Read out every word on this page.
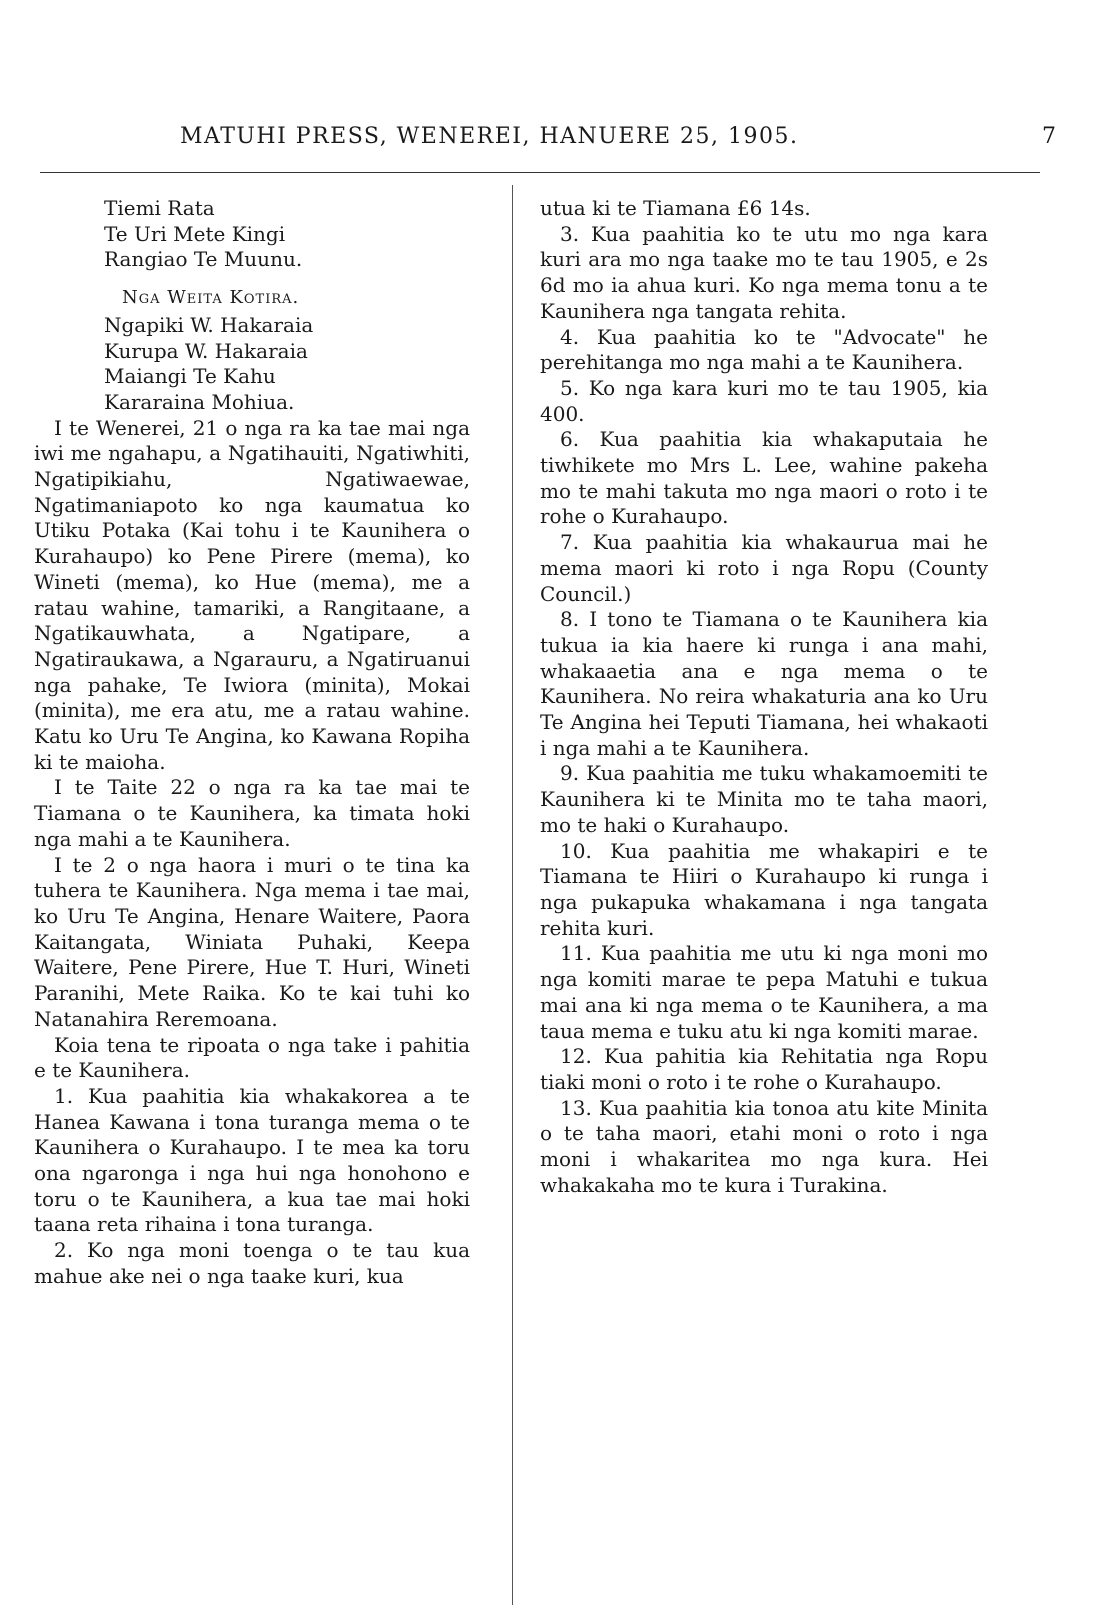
MATUHI PRESS, WENEREI, HANUERE 25, 1905.	7

Tiemi Rata

Te Uri Mete Kingi

Rangiao Te Muunu.

Nga Weita Kotira.

Ngapiki W. Hakaraia

Kurupa W. Hakaraia

Maiangi Te Kahu

Kararaina Mohiua.

I te Wenerei, 21 o nga ra ka tae mai nga iwi me ngahapu, a Ngatihauiti, Ngatiwhiti, Ngatipikiahu, Ngatiwaewae, Ngatimaniapoto ko nga kaumatua ko Utiku Potaka (Kai tohu i te Kaunihera o Kurahaupo) ko Pene Pirere (mema), ko Wineti (mema), ko Hue (mema), me a ratau wahine, tamariki, a Rangitaane, a Ngatikauwhata, a Ngatipare, a Ngatiraukawa, a Ngarauru, a Ngatiruanui nga pahake, Te Iwiora (minita), Mokai (minita), me era atu, me a ratau wahine. Katu ko Uru Te Angina, ko Kawana Ropiha ki te maioha.

I te Taite 22 o nga ra ka tae mai te Tiamana o te Kaunihera, ka timata hoki nga mahi a te Kaunihera.

I te 2 o nga haora i muri o te tina ka tuhera te Kaunihera. Nga mema i tae mai, ko Uru Te Angina, Henare Waitere, Paora Kaitangata, Winiata Puhaki, Keepa Waitere, Pene Pirere, Hue T. Huri, Wineti Paranihi, Mete Raika. Ko te kai tuhi ko Natanahira Reremoana.

Koia tena te ripoata o nga take i pahitia e te Kaunihera.

1. Kua paahitia kia whakakorea a te Hanea Kawana i tona turanga mema o te Kaunihera o Kurahaupo. I te mea ka toru ona ngaronga i nga hui nga honohono e toru o te Kaunihera, a kua tae mai hoki taana reta rihaina i tona turanga.

2. Ko nga moni toenga o te tau kua mahue ake nei o nga taake kuri, kua

utua ki te Tiamana £6 14s.

3. Kua paahitia ko te utu mo nga kara kuri ara mo nga taake mo te tau 1905, e 2s 6d mo ia ahua kuri. Ko nga mema tonu a te Kaunihera nga tangata rehita.

4. Kua paahitia ko te "Advocate" he perehitanga mo nga mahi a te Kaunihera.

5. Ko nga kara kuri mo te tau 1905, kia 400.

6. Kua paahitia kia whakaputaia he tiwhikete mo Mrs L. Lee, wahine pakeha mo te mahi takuta mo nga maori o roto i te rohe o Kurahaupo.

7. Kua paahitia kia whakaurua mai he mema maori ki roto i nga Ropu (County Council.)

8. I tono te Tiamana o te Kaunihera kia tukua ia kia haere ki runga i ana mahi, whakaaetia ana e nga mema o te Kaunihera. No reira whakaturia ana ko Uru Te Angina hei Teputi Tiamana, hei whakaoti i nga mahi a te Kaunihera.

9. Kua paahitia me tuku whakamoemiti te Kaunihera ki te Minita mo te taha maori, mo te haki o Kurahaupo.

10. Kua paahitia me whakapiri e te Tiamana te Hiiri o Kurahaupo ki runga i nga pukapuka whakamana i nga tangata rehita kuri.

11. Kua paahitia me utu ki nga moni mo nga komiti marae te pepa Matuhi e tukua mai ana ki nga mema o te Kaunihera, a ma taua mema e tuku atu ki nga komiti marae.

12. Kua pahitia kia Rehitatia nga Ropu tiaki moni o roto i te rohe o Kurahaupo.

13. Kua paahitia kia tonoa atu kite Minita o te taha maori, etahi moni o roto i nga moni i whakaritea mo nga kura. Hei whakakaha mo te kura i Turakina.
